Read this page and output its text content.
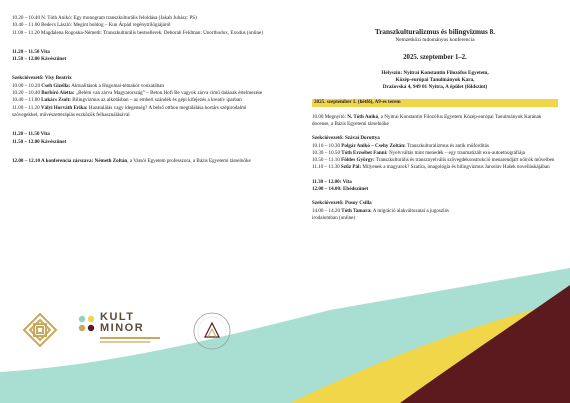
10.20 – 10.40 N. Tóth Anikó: Egy monogram transzkulturális feloldása (Jakab Juhász: PS)

10.40 – 11.00 Bedecs László: Megint boldog – Kun Árpád regénytrilógiájáról

11.00 – 11.20 Magdalena Rogoska-Németh: Transzkulturális bestsellerek. Deborah Feldman: Unorthodox, Exodus (online)

11.20 – 11.50 Vita

11.50 – 12.00 Kávészünet

Szekcióvezető: Visy Beatrix

10.00 – 10.20 Cseh Gizella: Aktualitások a Hugomai-témakör vonzatában

10.20 – 10.40 Borbíró Aletta: „Belém van zárva Magyarország” – Beton.Hofi Be vagyok zárva című dalának értelmezése

10.40 – 11.00 Lukács Zsolt: Bilingvizmus az alkotásban – az emberi szándék és gépi kifejezés a kreatív iparban

11.00 – 11.20 Vályi Horváth Erika: Hazatalálás vagy idegenség? A belső otthon megtalálása kortárs szépirodalmi szövegekkel, művészetterápiás eszközök felhasználásával

11.20 – 11.50 Vita

11.50 – 12.00 Kávészünet

12.00 – 12.10 A konferencia zárszava: Németh Zoltán, a Varsói Egyetem professzora, a Bázis Egyetemi társelnöke

KULT
MINOR
Transzkulturalizmus és bilingvizmus 8.
Nemzetközi tudományos konferencia
2025. szeptember 1–2.
Helyszín: Nyitrai Konstantin Filozófus Egyetem,
Közép-európai Tanulmányok Kara,
Dražovská 4, 949 01 Nyitra, A épület (földszint)
2025. szeptember 1. (hétfő), A9-es terem

10.00 Megnyitó: N. Tóth Anikó, a Nyitrai Konstantin Filozófus Egyetem Közép-európai Tanulmányok Karának docense, a Bázis Egyetemi társelnöke

Szekcióvezető: Szávai Dorottya

10.10 – 10.30 Polgár Anikó – Csehy Zoltán: Transzkulturalizmus és antik műfordítás

10.30 – 10.50 Tóth Erzsébet Fanni: Nyelvváltás mint menedék – egy traumatizált exo-autoetnográfiája

10.50 – 11.10 Földes György: Transzkulturális és transznyelvális szövegdekonstrukció menarendjárt nőírók műveiben

11.10 – 11.30 Szűz Pál: Milyenek a magyarok? Szatíra, imagológia és bilingvizmus Jaroslav Hašek novelláskájában

11.30 – 12.00: Vita

12.00 – 14.00: Ebédszünet

Szekcióvezető: Pusoy Csilla

14.00 – 14.20 Tóth Tamara: A migráció alakváltozatai a jugoszláv irodalomban (online)
